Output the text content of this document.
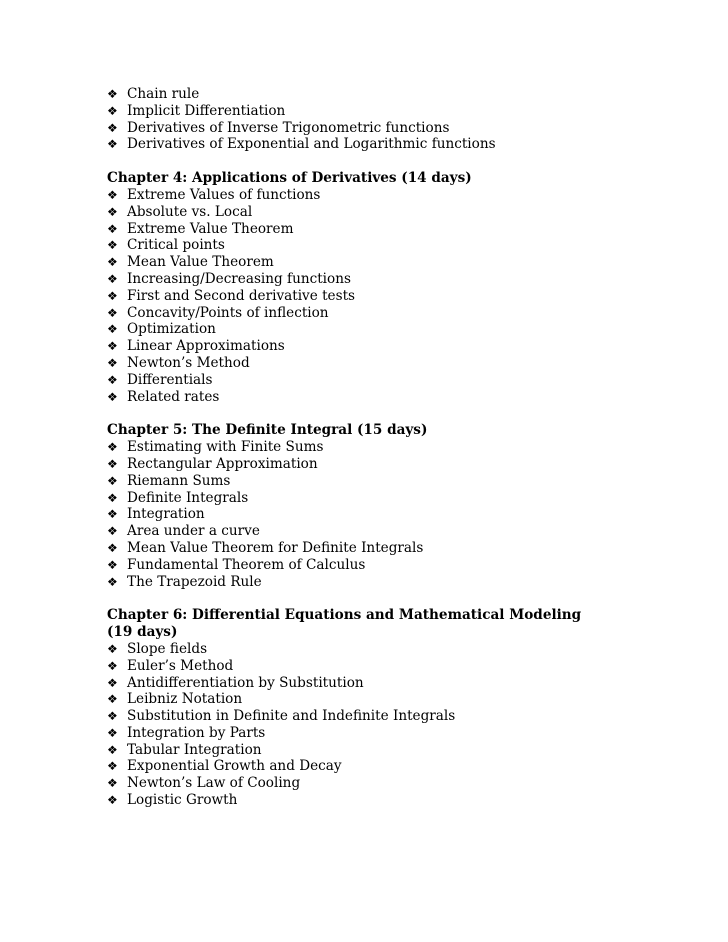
❖ Chain rule
❖ Implicit Differentiation
❖ Derivatives of Inverse Trigonometric functions
❖ Derivatives of Exponential and Logarithmic functions
Chapter 4: Applications of Derivatives (14 days)
❖ Extreme Values of functions
❖ Absolute vs. Local
❖ Extreme Value Theorem
❖ Critical points
❖ Mean Value Theorem
❖ Increasing/Decreasing functions
❖ First and Second derivative tests
❖ Concavity/Points of inflection
❖ Optimization
❖ Linear Approximations
❖ Newton’s Method
❖ Differentials
❖ Related rates
Chapter 5: The Definite Integral (15 days)
❖ Estimating with Finite Sums
❖ Rectangular Approximation
❖ Riemann Sums
❖ Definite Integrals
❖ Integration
❖ Area under a curve
❖ Mean Value Theorem for Definite Integrals
❖ Fundamental Theorem of Calculus
❖ The Trapezoid Rule
Chapter 6: Differential Equations and Mathematical Modeling (19 days)
❖ Slope fields
❖ Euler’s Method
❖ Antidifferentiation by Substitution
❖ Leibniz Notation
❖ Substitution in Definite and Indefinite Integrals
❖ Integration by Parts
❖ Tabular Integration
❖ Exponential Growth and Decay
❖ Newton’s Law of Cooling
❖ Logistic Growth
